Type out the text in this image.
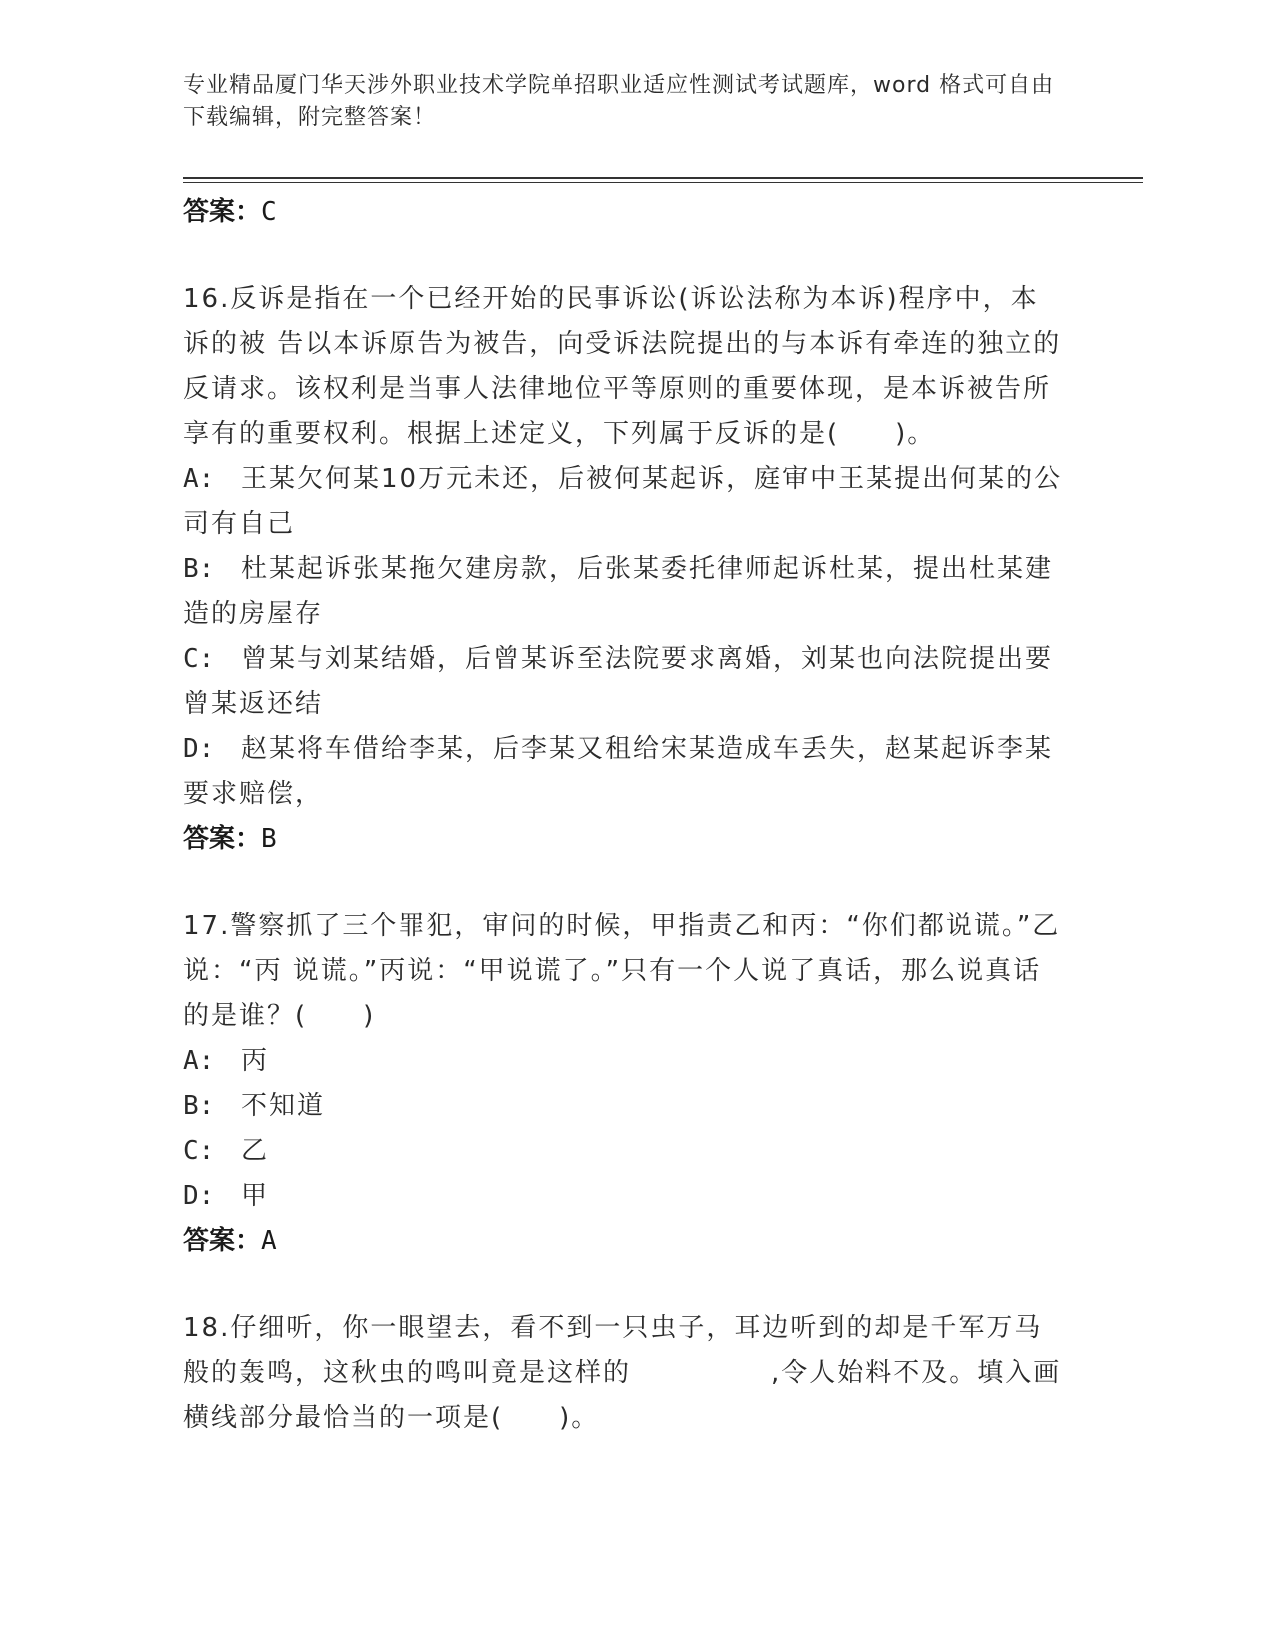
专业精品厦门华天涉外职业技术学院单招职业适应性测试考试题库，word 格式可自由下载编辑，附完整答案！

答案：C

16.反诉是指在一个已经开始的民事诉讼(诉讼法称为本诉)程序中，本诉的被 告以本诉原告为被告，向受诉法院提出的与本诉有牵连的独立的反请求。该权利是当事人法律地位平等原则的重要体现，是本诉被告所享有的重要权利。根据上述定义，下列属于反诉的是(　　)。

A: 王某欠何某10万元未还，后被何某起诉，庭审中王某提出何某的公司有自己

B: 杜某起诉张某拖欠建房款，后张某委托律师起诉杜某，提出杜某建造的房屋存

C: 曾某与刘某结婚，后曾某诉至法院要求离婚，刘某也向法院提出要曾某返还结

D: 赵某将车借给李某，后李某又租给宋某造成车丢失，赵某起诉李某要求赔偿，

答案：B

17.警察抓了三个罪犯，审问的时候，甲指责乙和丙：“你们都说谎。”乙说：“丙 说谎。”丙说：“甲说谎了。”只有一个人说了真话，那么说真话的是谁？(　　)

A: 丙

B: 不知道

C: 乙

D: 甲

答案：A

18.仔细听，你一眼望去，看不到一只虫子，耳边听到的却是千军万马般的轰鸣，这秋虫的鸣叫竟是这样的　　　　　,令人始料不及。填入画横线部分最恰当的一项是(　　)。
